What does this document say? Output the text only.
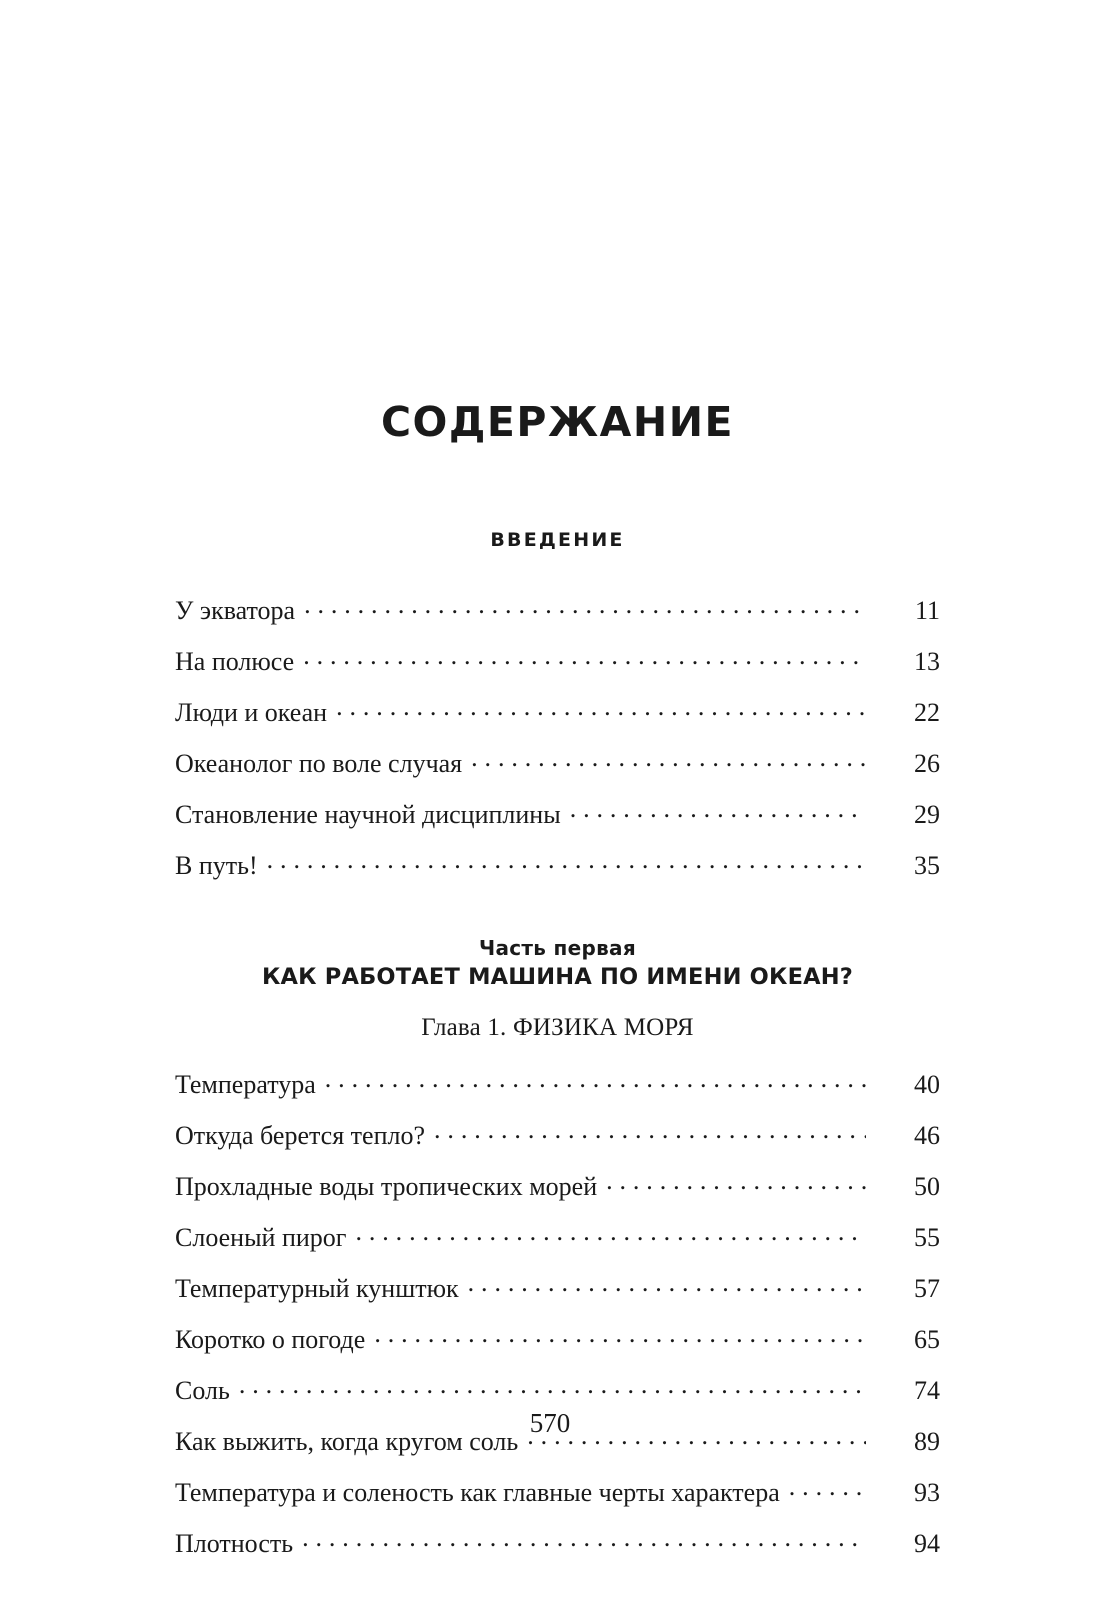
СОДЕРЖАНИЕ
ВВЕДЕНИЕ
У экватора . . .	11
На полюсе . . .	13
Люди и океан . . .	22
Океанолог по воле случая . . .	26
Становление научной дисциплины . . .	29
В путь! . . .	35
Часть первая
КАК РАБОТАЕТ МАШИНА ПО ИМЕНИ ОКЕАН?
Глава 1. ФИЗИКА МОРЯ
Температура . . .	40
Откуда берется тепло? . . .	46
Прохладные воды тропических морей . . .	50
Слоеный пирог . . .	55
Температурный кунштюк . . .	57
Коротко о погоде . . .	65
Соль . . .	74
Как выжить, когда кругом соль . . .	89
Температура и соленость как главные черты характера . . .	93
Плотность . . .	94
570
